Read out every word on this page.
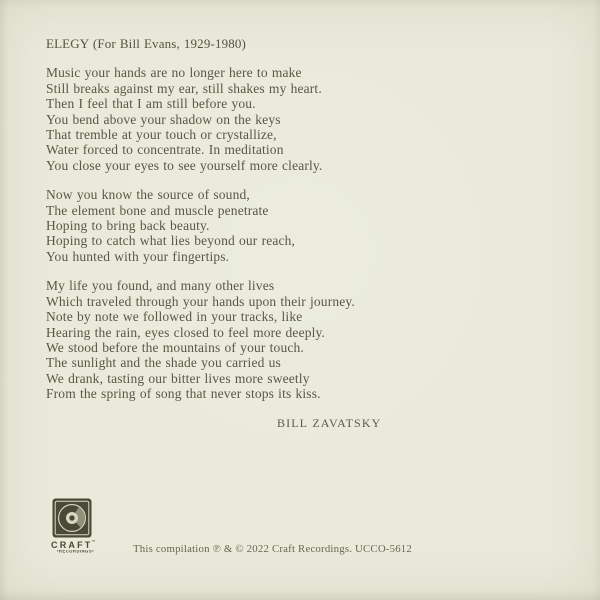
ELEGY (For Bill Evans, 1929-1980)
Music your hands are no longer here to make
Still breaks against my ear, still shakes my heart.
Then I feel that I am still before you.
You bend above your shadow on the keys
That tremble at your touch or crystallize,
Water forced to concentrate. In meditation
You close your eyes to see yourself more clearly.
Now you know the source of sound,
The element bone and muscle penetrate
Hoping to bring back beauty.
Hoping to catch what lies beyond our reach,
You hunted with your fingertips.
My life you found, and many other lives
Which traveled through your hands upon their journey.
Note by note we followed in your tracks, like
Hearing the rain, eyes closed to feel more deeply.
We stood before the mountains of your touch.
The sunlight and the shade you carried us
We drank, tasting our bitter lives more sweetly
From the spring of song that never stops its kiss.
BILL ZAVATSKY
CRAFT™
•RECORDINGS•	This compilation ℗ & © 2022 Craft Recordings. UCCO-5612
